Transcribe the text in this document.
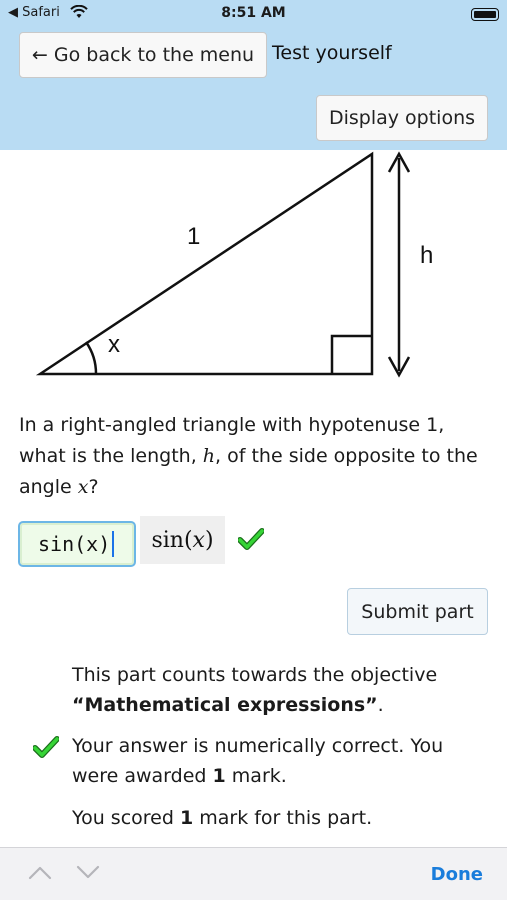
◀ Safari	8:51 AM
← Go back to the menu Test yourself
Display options
1
x
h
In a right-angled triangle with hypotenuse 1, what is the length, h, of the side opposite to the angle x?
sin(x) sin( x )
Submit part
This part counts towards the objective
“Mathematical expressions”.
Your answer is numerically correct. You were awarded 1 mark.
You scored 1 mark for this part.
Done
